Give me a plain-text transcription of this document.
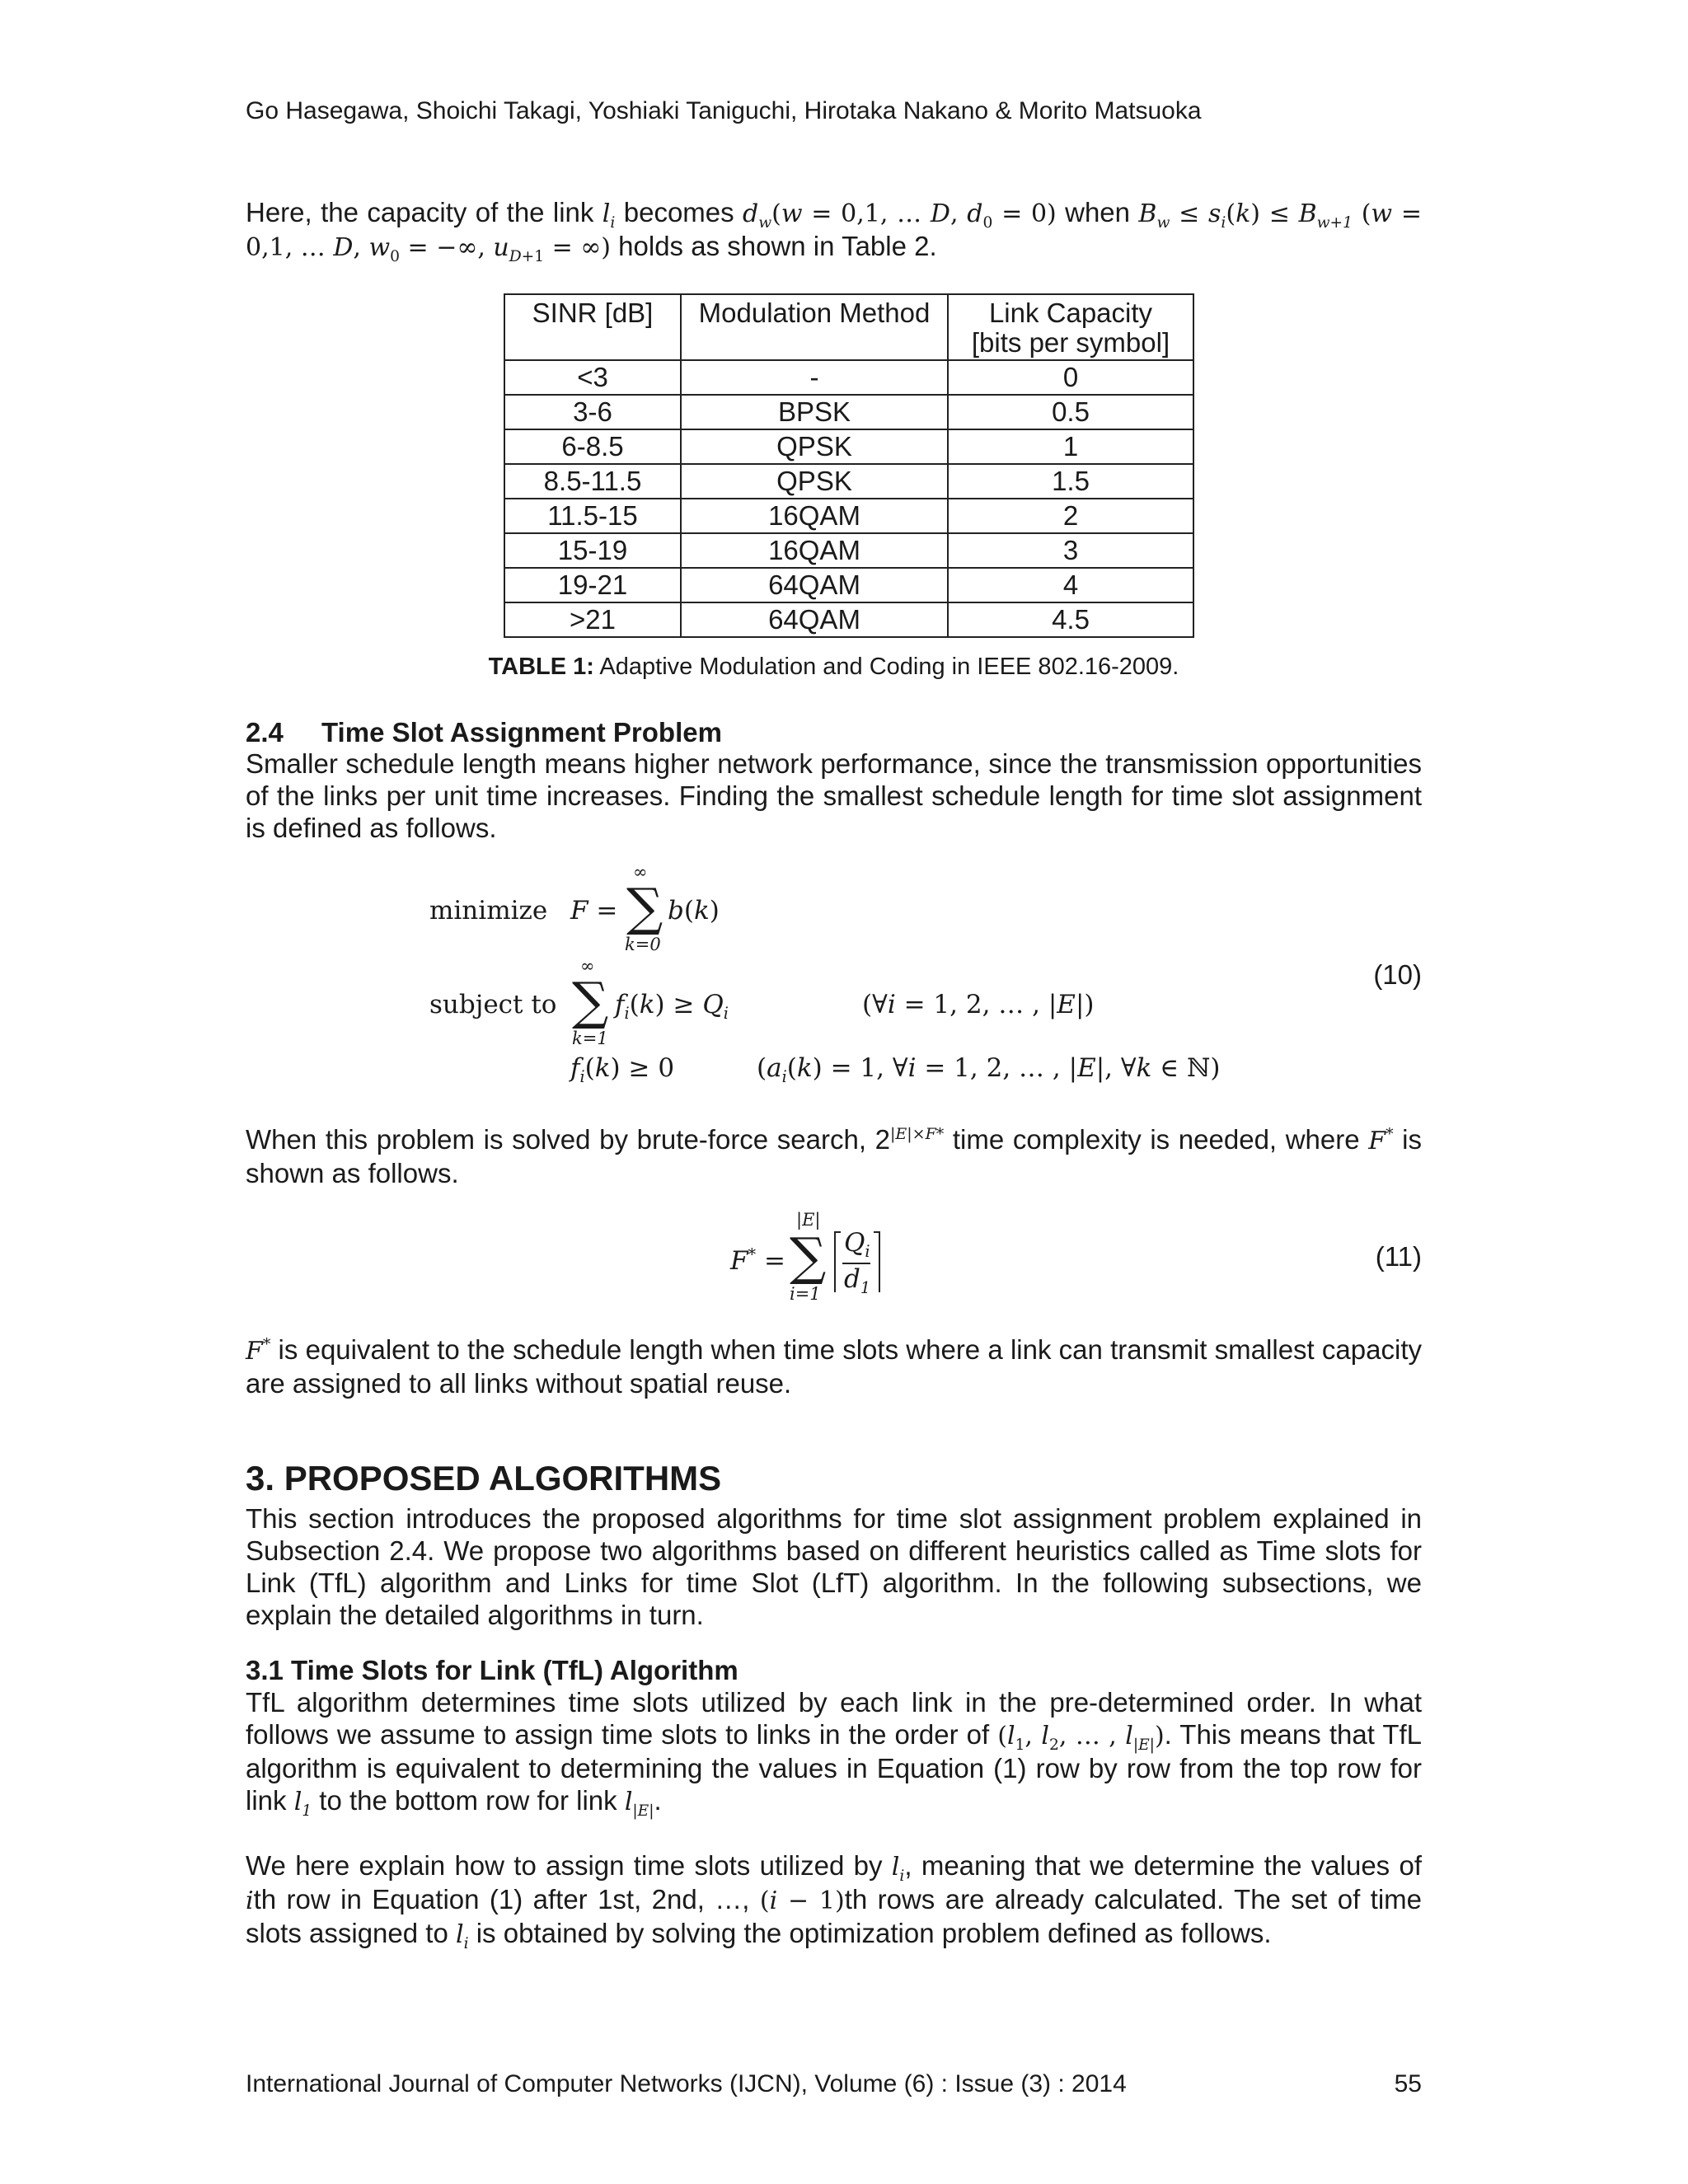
Go Hasegawa, Shoichi Takagi, Yoshiaki Taniguchi, Hirotaka Nakano & Morito Matsuoka
Here, the capacity of the link $l_i$ becomes $d_w(w = 0,1$, … D, $d_0 = 0$) when $B_w \le s_i(k) \le B_{w+1}$ (w = 0,1, … D, $w_0$ = −∞, $u_{D+1}$ = ∞) holds as shown in Table 2.
SINR [dB]	Modulation Method	Link Capacity
[bits per symbol]
<3	-	0
3-6	BPSK	0.5
6-8.5	QPSK	1
8.5-11.5	QPSK	1.5
11.5-15	16QAM	2
15-19	16QAM	3
19-21	64QAM	4
>21	64QAM	4.5
TABLE 1: Adaptive Modulation and Coding in IEEE 802.16-2009.
2.4 Time Slot Assignment Problem
Smaller schedule length means higher network performance, since the transmission opportunities of the links per unit time increases. Finding the smallest schedule length for time slot assignment is defined as follows.
minimize F =
∞
∑
k=0
b(k)
subject to
∞
∑
k=1
$f_i(k) \ge Q_i$	(∀i = 1, 2, … , |E|)
$f_i(k) \ge 0$	($a_i(k) = 1$, ∀i = 1, 2, … , |E|, ∀k ∈ ℕ)
(10)
When this problem is solved by brute-force search, $2^{|E|\times F*}$ time complexity is needed, where F* is shown as follows.
F* =
|E|
∑
i=1
$Q_i$
$d_1$
(11)
F* is equivalent to the schedule length when time slots where a link can transmit smallest capacity are assigned to all links without spatial reuse.
3. PROPOSED ALGORITHMS
This section introduces the proposed algorithms for time slot assignment problem explained in Subsection 2.4. We propose two algorithms based on different heuristics called as Time slots for Link (TfL) algorithm and Links for time Slot (LfT) algorithm. In the following subsections, we explain the detailed algorithms in turn.
3.1 Time Slots for Link (TfL) Algorithm
TfL algorithm determines time slots utilized by each link in the pre-determined order. In what follows we assume to assign time slots to links in the order of ($l_1$, $l_2$, … , $l_{|E|}$). This means that TfL algorithm is equivalent to determining the values in Equation (1) row by row from the top row for link $l_1$ to the bottom row for link $l_{|E|}$.
We here explain how to assign time slots utilized by $l_i$, meaning that we determine the values of ith row in Equation (1) after 1st, 2nd, …, (i − 1)th rows are already calculated. The set of time slots assigned to $l_i$ is obtained by solving the optimization problem defined as follows.
International Journal of Computer Networks (IJCN), Volume (6) : Issue (3) : 2014	55
